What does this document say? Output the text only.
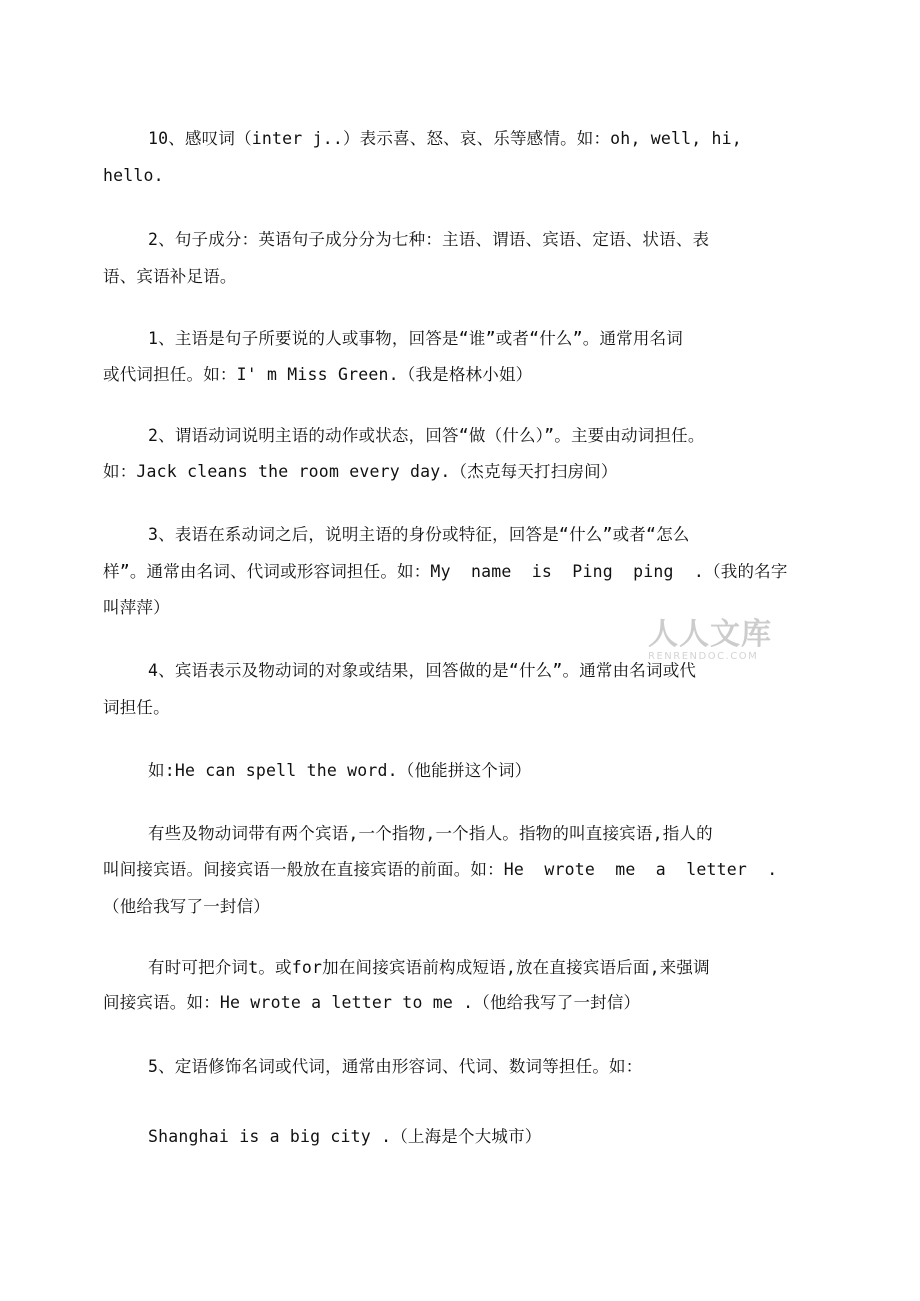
10、感叹词（inter j..）表示喜、怒、哀、乐等感情。如：oh, well, hi,
hello.
2、句子成分：英语句子成分分为七种：主语、谓语、宾语、定语、状语、表
语、宾语补足语。
1、主语是句子所要说的人或事物，回答是“谁”或者“什么”。通常用名词
或代词担任。如：I' m Miss Green.（我是格林小姐）
2、谓语动词说明主语的动作或状态，回答“做（什么）”。主要由动词担任。
如：Jack cleans the room every day.（杰克每天打扫房间）
3、表语在系动词之后，说明主语的身份或特征，回答是“什么”或者“怎么
样”。通常由名词、代词或形容词担任。如：My  name  is  Ping  ping  .（我的名字
叫萍萍）
4、宾语表示及物动词的对象或结果，回答做的是“什么”。通常由名词或代
词担任。
如:He can spell the word.（他能拼这个词）
有些及物动词带有两个宾语,一个指物,一个指人。指物的叫直接宾语,指人的
叫间接宾语。间接宾语一般放在直接宾语的前面。如：He  wrote  me  a  letter  .
（他给我写了一封信）
有时可把介词t。或for加在间接宾语前构成短语,放在直接宾语后面,来强调
间接宾语。如：He wrote a letter to me .（他给我写了一封信）
5、定语修饰名词或代词，通常由形容词、代词、数词等担任。如：
Shanghai is a big city .（上海是个大城市）
人人文库
RENRENDOC.COM
